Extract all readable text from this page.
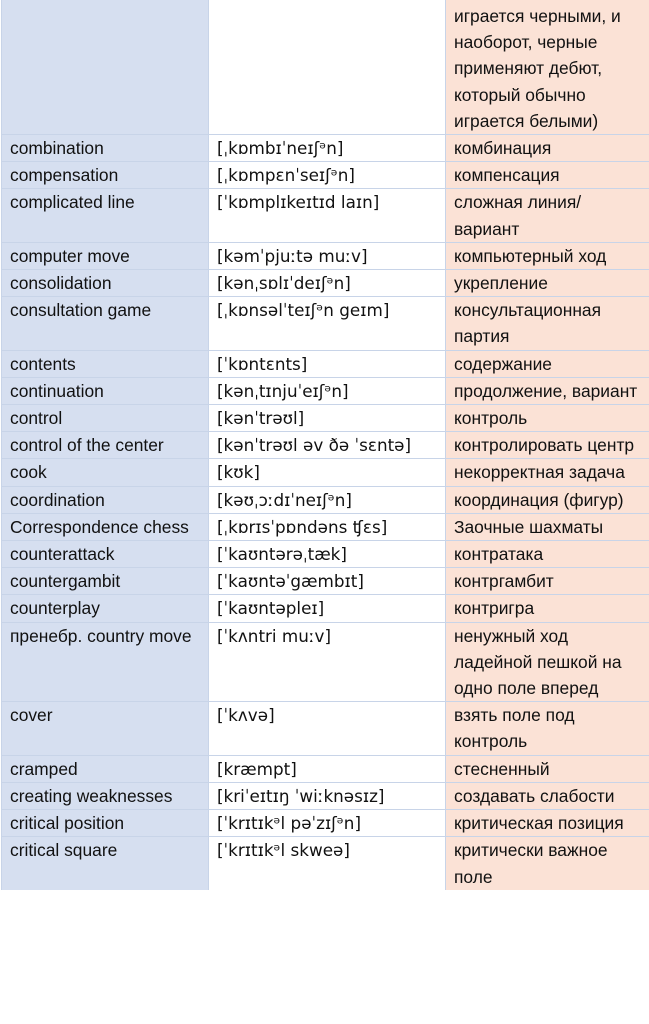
		играется черными, и наоборот, черные применяют дебют, который обычно играется белыми)

combination	[ˌkɒmbɪˈneɪʃᵊn]	комбинация
compensation	[ˌkɒmpɛnˈseɪʃᵊn]	компенсация
complicated line	[ˈkɒmplɪkeɪtɪd laɪn]	сложная линия/вариант
computer move	[kəmˈpjuːtə muːv]	компьютерный ход
consolidation	[kənˌsɒlɪˈdeɪʃᵊn]	укрепление
consultation game	[ˌkɒnsəlˈteɪʃᵊn geɪm]	консультационная партия
contents	[ˈkɒntɛnts]	содержание
continuation	[kənˌtɪnjuˈeɪʃᵊn]	продолжение, вариант
control	[kənˈtrəʊl]	контроль
control of the center	[kənˈtrəʊl əv ðə ˈsɛntə]	контролировать центр
cook	[kʊk]	некорректная задача
coordination	[kəʊˌɔːdɪˈneɪʃᵊn]	координация (фигур)
Correspondence chess	[ˌkɒrɪsˈpɒndəns ʧɛs]	Заочные шахматы
counterattack	[ˈkaʊntərəˌtæk]	контратака
countergambit	[ˈkaʊntəˈgæmbɪt]	контргамбит
counterplay	[ˈkaʊntəpleɪ]	контригра
пренебр. country move	[ˈkʌntri muːv]	ненужный ход ладейной пешкой на одно поле вперед
cover	[ˈkʌvə]	взять поле под контроль
cramped	[kræmpt]	стесненный
creating weaknesses	[kriˈeɪtɪŋ ˈwiːknəsɪz]	создавать слабости
critical position	[ˈkrɪtɪkᵊl pəˈzɪʃᵊn]	критическая позиция
critical square	[ˈkrɪtɪkᵊl skweə]	критически важное поле
